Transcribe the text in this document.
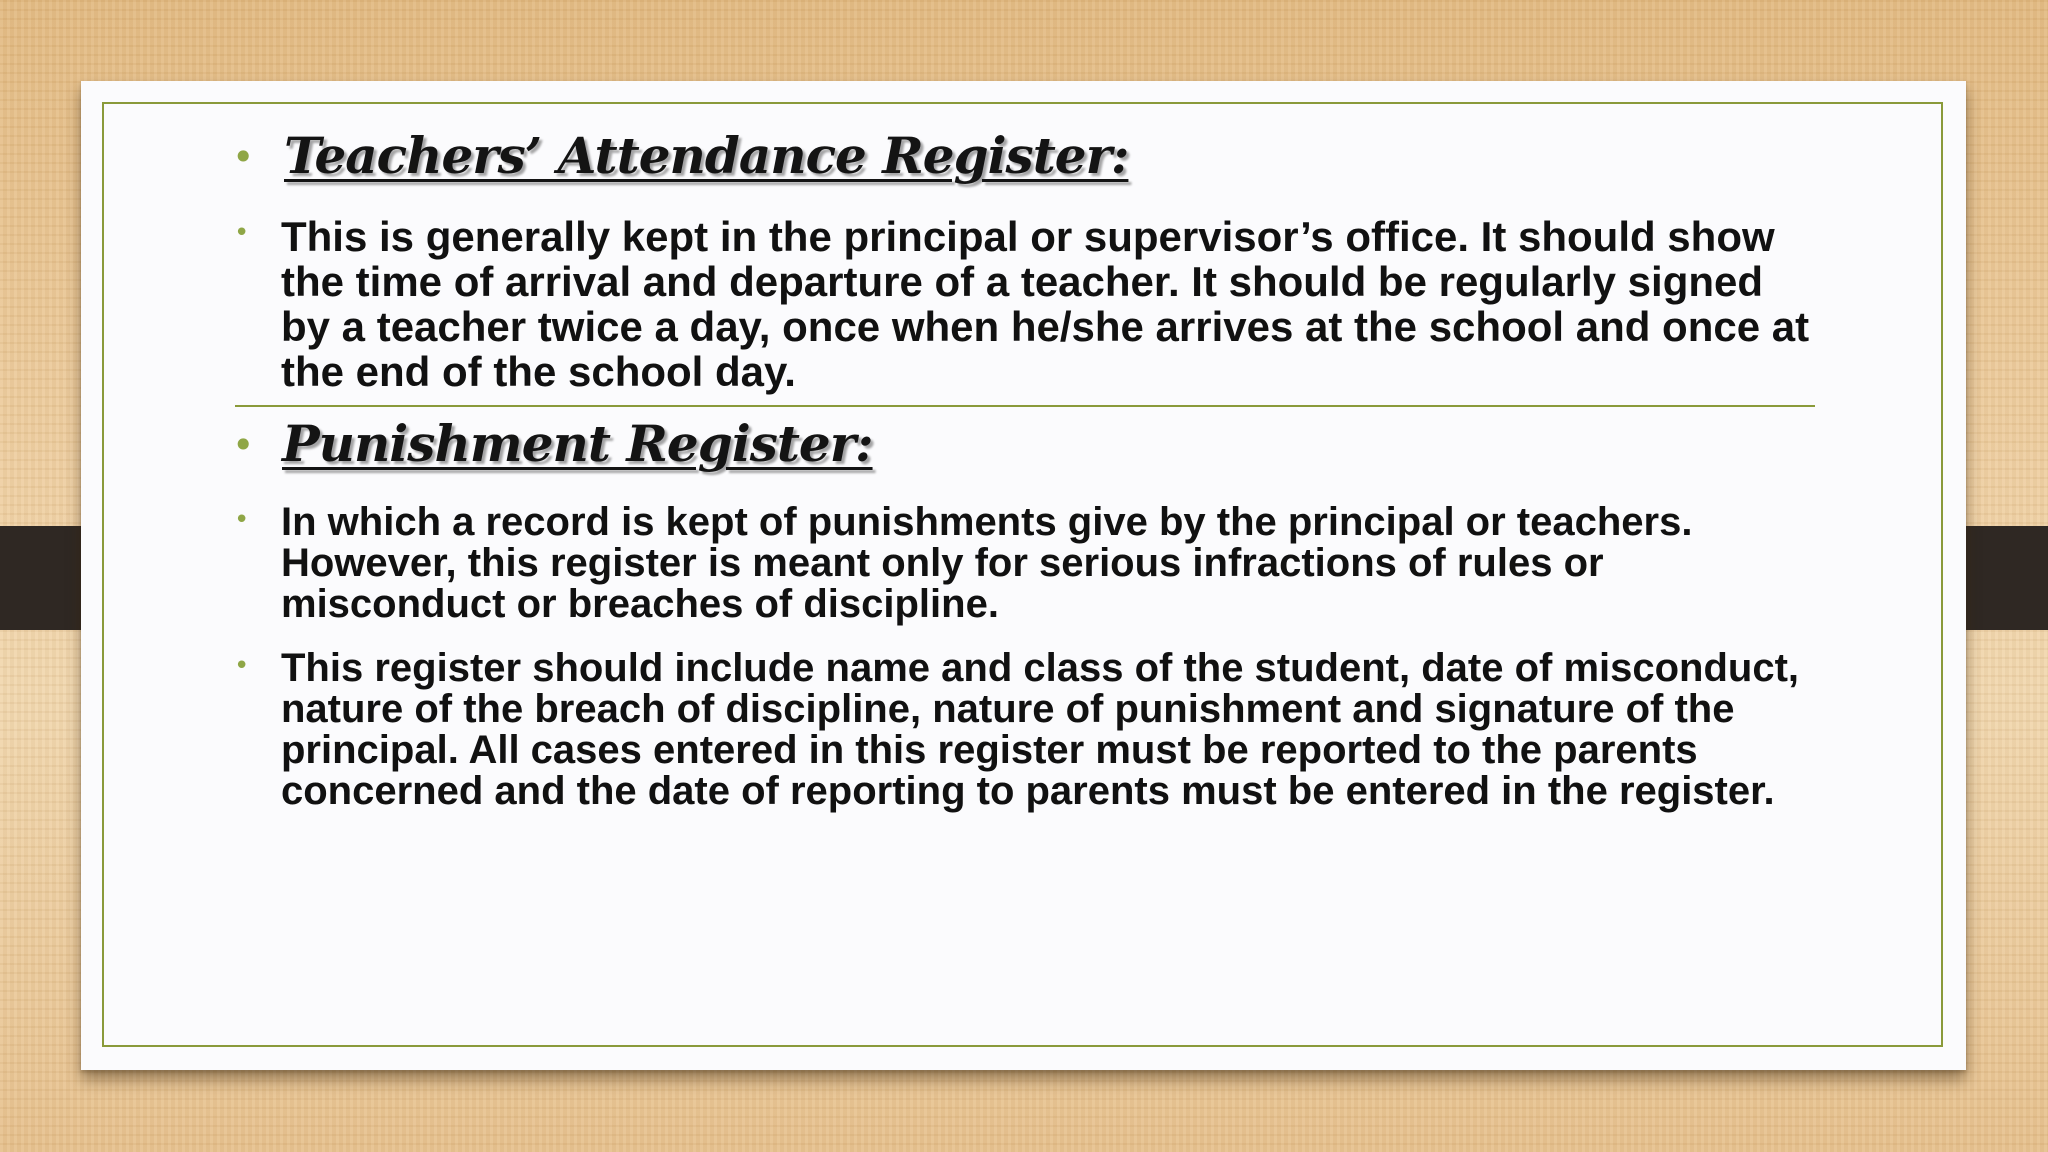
• Teachers’ Attendance Register:
• This is generally kept in the principal or supervisor’s office. It should show the time of arrival and departure of a teacher. It should be regularly signed by a teacher twice a day, once when he/she arrives at the school and once at the end of the school day.
• Punishment Register:
• In which a record is kept of punishments give by the principal or teachers. However, this register is meant only for serious infractions of rules or misconduct or breaches of discipline.
• This register should include name and class of the student, date of misconduct, nature of the breach of discipline, nature of punishment and signature of the principal. All cases entered in this register must be reported to the parents concerned and the date of reporting to parents must be entered in the register.
